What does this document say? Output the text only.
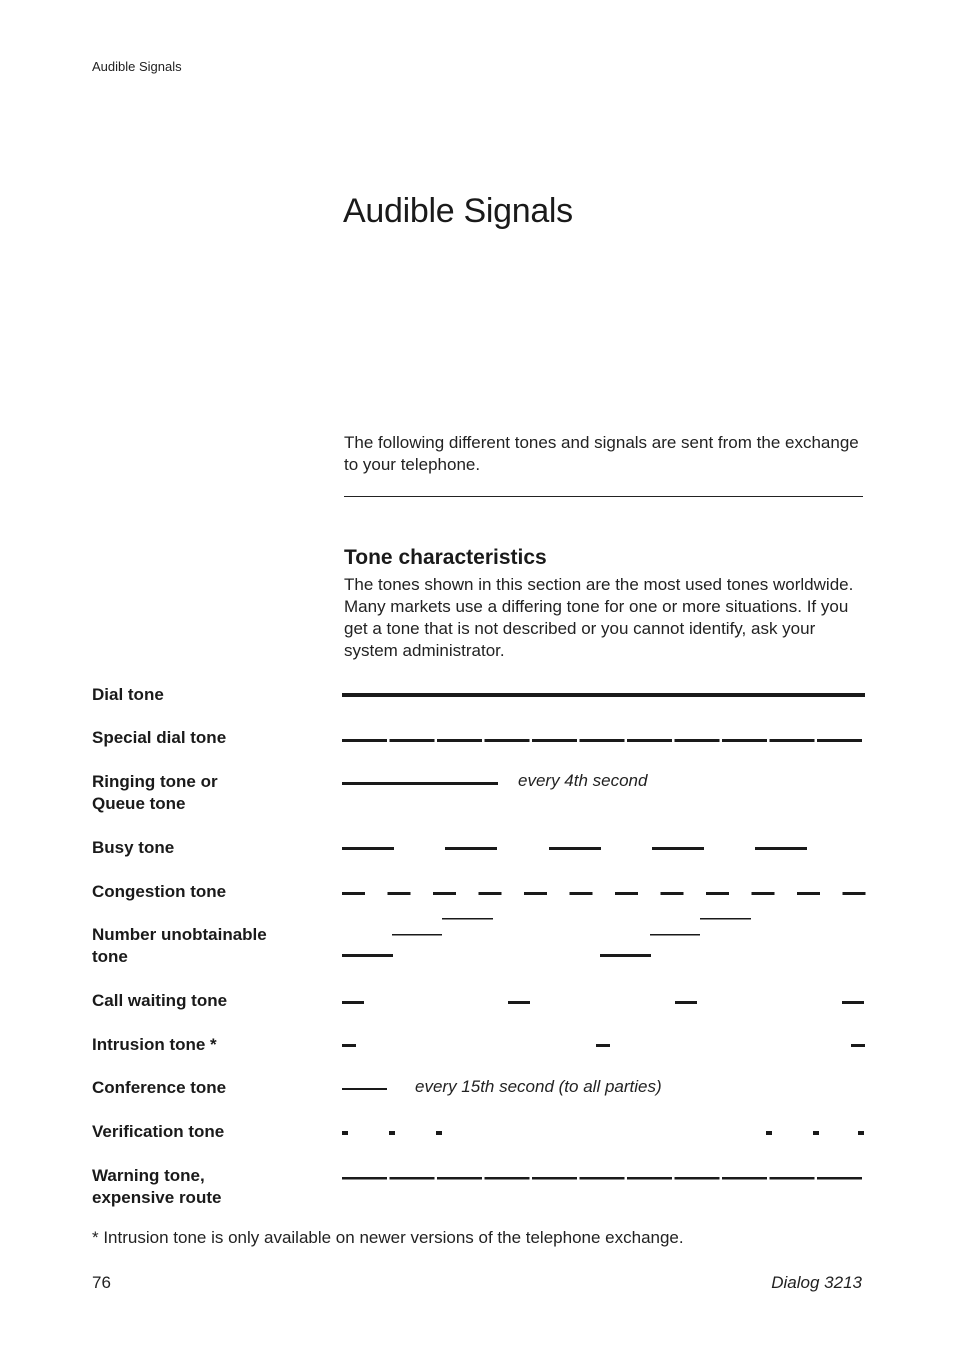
Audible Signals
Audible Signals
The following different tones and signals are sent from the exchange to your telephone.
Tone characteristics
The tones shown in this section are the most used tones worldwide. Many markets use a differing tone for one or more situations. If you get a tone that is not described or you cannot identify, ask your system administrator.
Dial tone
Special dial tone
Ringing tone or
Queue tone
Busy tone
Congestion tone
Number unobtainable
tone
Call waiting tone
Intrusion tone *
Conference tone
Verification tone
Warning tone,
expensive route
every 4th second
every 15th second (to all parties)
* Intrusion tone is only available on newer versions of the telephone exchange.
76	Dialog 3213
